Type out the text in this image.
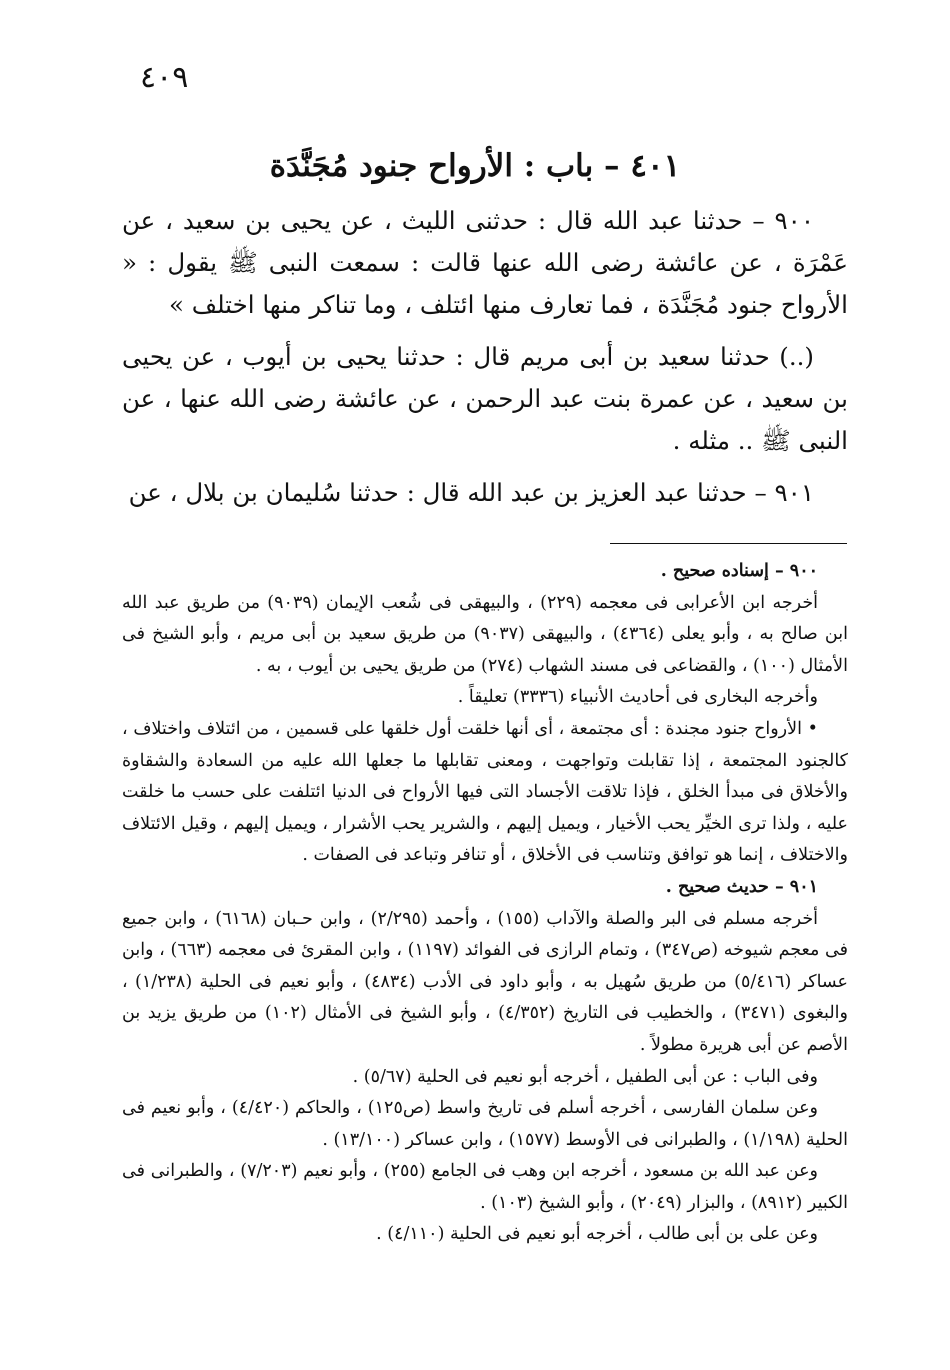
٤٠٩
٤٠١ – باب : الأرواح جنود مُجَنَّدَة

٩٠٠ – حدثنا عبد الله قال : حدثنى الليث ، عن يحيى بن سعيد ، عن عَمْرَة ، عن عائشة رضى الله عنها قالت : سمعت النبى ﷺ يقول : « الأرواح جنود مُجَنَّدَة ، فما تعارف منها ائتلف ، وما تناكر منها اختلف »

(..) حدثنا سعيد بن أبى مريم قال : حدثنا يحيى بن أيوب ، عن يحيى بن سعيد ، عن عمرة بنت عبد الرحمن ، عن عائشة رضى الله عنها ، عن النبى ﷺ .. مثله .

٩٠١ – حدثنا عبد العزيز بن عبد الله قال : حدثنا سُليمان بن بلال ، عن

٩٠٠ – إسناده صحيح .

أخرجه ابن الأعرابى فى معجمه (٢٢٩) ، والبيهقى فى شُعب الإيمان (٩٠٣٩) من طريق عبد الله ابن صالح به ، وأبو يعلى (٤٣٦٤) ، والبيهقى (٩٠٣٧) من طريق سعيد بن أبى مريم ، وأبو الشيخ فى الأمثال (١٠٠) ، والقضاعى فى مسند الشهاب (٢٧٤) من طريق يحيى بن أيوب ، به .

وأخرجه البخارى فى أحاديث الأنبياء (٣٣٣٦) تعليقاً .

• الأرواح جنود مجندة : أى مجتمعة ، أى أنها خلقت أول خلقها على قسمين ، من ائتلاف واختلاف ، كالجنود المجتمعة ، إذا تقابلت وتواجهت ، ومعنى تقابلها ما جعلها الله عليه من السعادة والشقاوة والأخلاق فى مبدأ الخلق ، فإذا تلاقت الأجساد التى فيها الأرواح فى الدنيا ائتلفت على حسب ما خلقت عليه ، ولذا ترى الخيِّر يحب الأخيار ، ويميل إليهم ، والشرير يحب الأشرار ، ويميل إليهم ، وقيل الائتلاف والاختلاف ، إنما هو توافق وتناسب فى الأخلاق ، أو تنافر وتباعد فى الصفات .

٩٠١ – حديث صحيح .

أخرجه مسلم فى البر والصلة والآداب (١٥٥) ، وأحمد (٢/٢٩٥) ، وابن حـبان (٦١٦٨) ، وابن جميع فى معجم شيوخه (ص٣٤٧) ، وتمام الرازى فى الفوائد (١١٩٧) ، وابن المقرئ فى معجمه (٦٦٣) ، وابن عساكر (٥/٤١٦) من طريق سُهيل به ، وأبو داود فى الأدب (٤٨٣٤) ، وأبو نعيم فى الحلية (١/٢٣٨) ، والبغوى (٣٤٧١) ، والخطيب فى التاريخ (٤/٣٥٢) ، وأبو الشيخ فى الأمثال (١٠٢) من طريق يزيد بن الأصم عن أبى هريرة مطولاً .

وفى الباب : عن أبى الطفيل ، أخرجه أبو نعيم فى الحلية (٥/٦٧) .

وعن سلمان الفارسى ، أخرجه أسلم فى تاريخ واسط (ص١٢٥) ، والحاكم (٤/٤٢٠) ، وأبو نعيم فى الحلية (١/١٩٨) ، والطبرانى فى الأوسط (١٥٧٧) ، وابن عساكر (١٣/١٠٠) .

وعن عبد الله بن مسعود ، أخرجه ابن وهب فى الجامع (٢٥٥) ، وأبو نعيم (٧/٢٠٣) ، والطبرانى فى الكبير (٨٩١٢) ، والبزار (٢٠٤٩) ، وأبو الشيخ (١٠٣) .

وعن على بن أبى طالب ، أخرجه أبو نعيم فى الحلية (٤/١١٠) .
